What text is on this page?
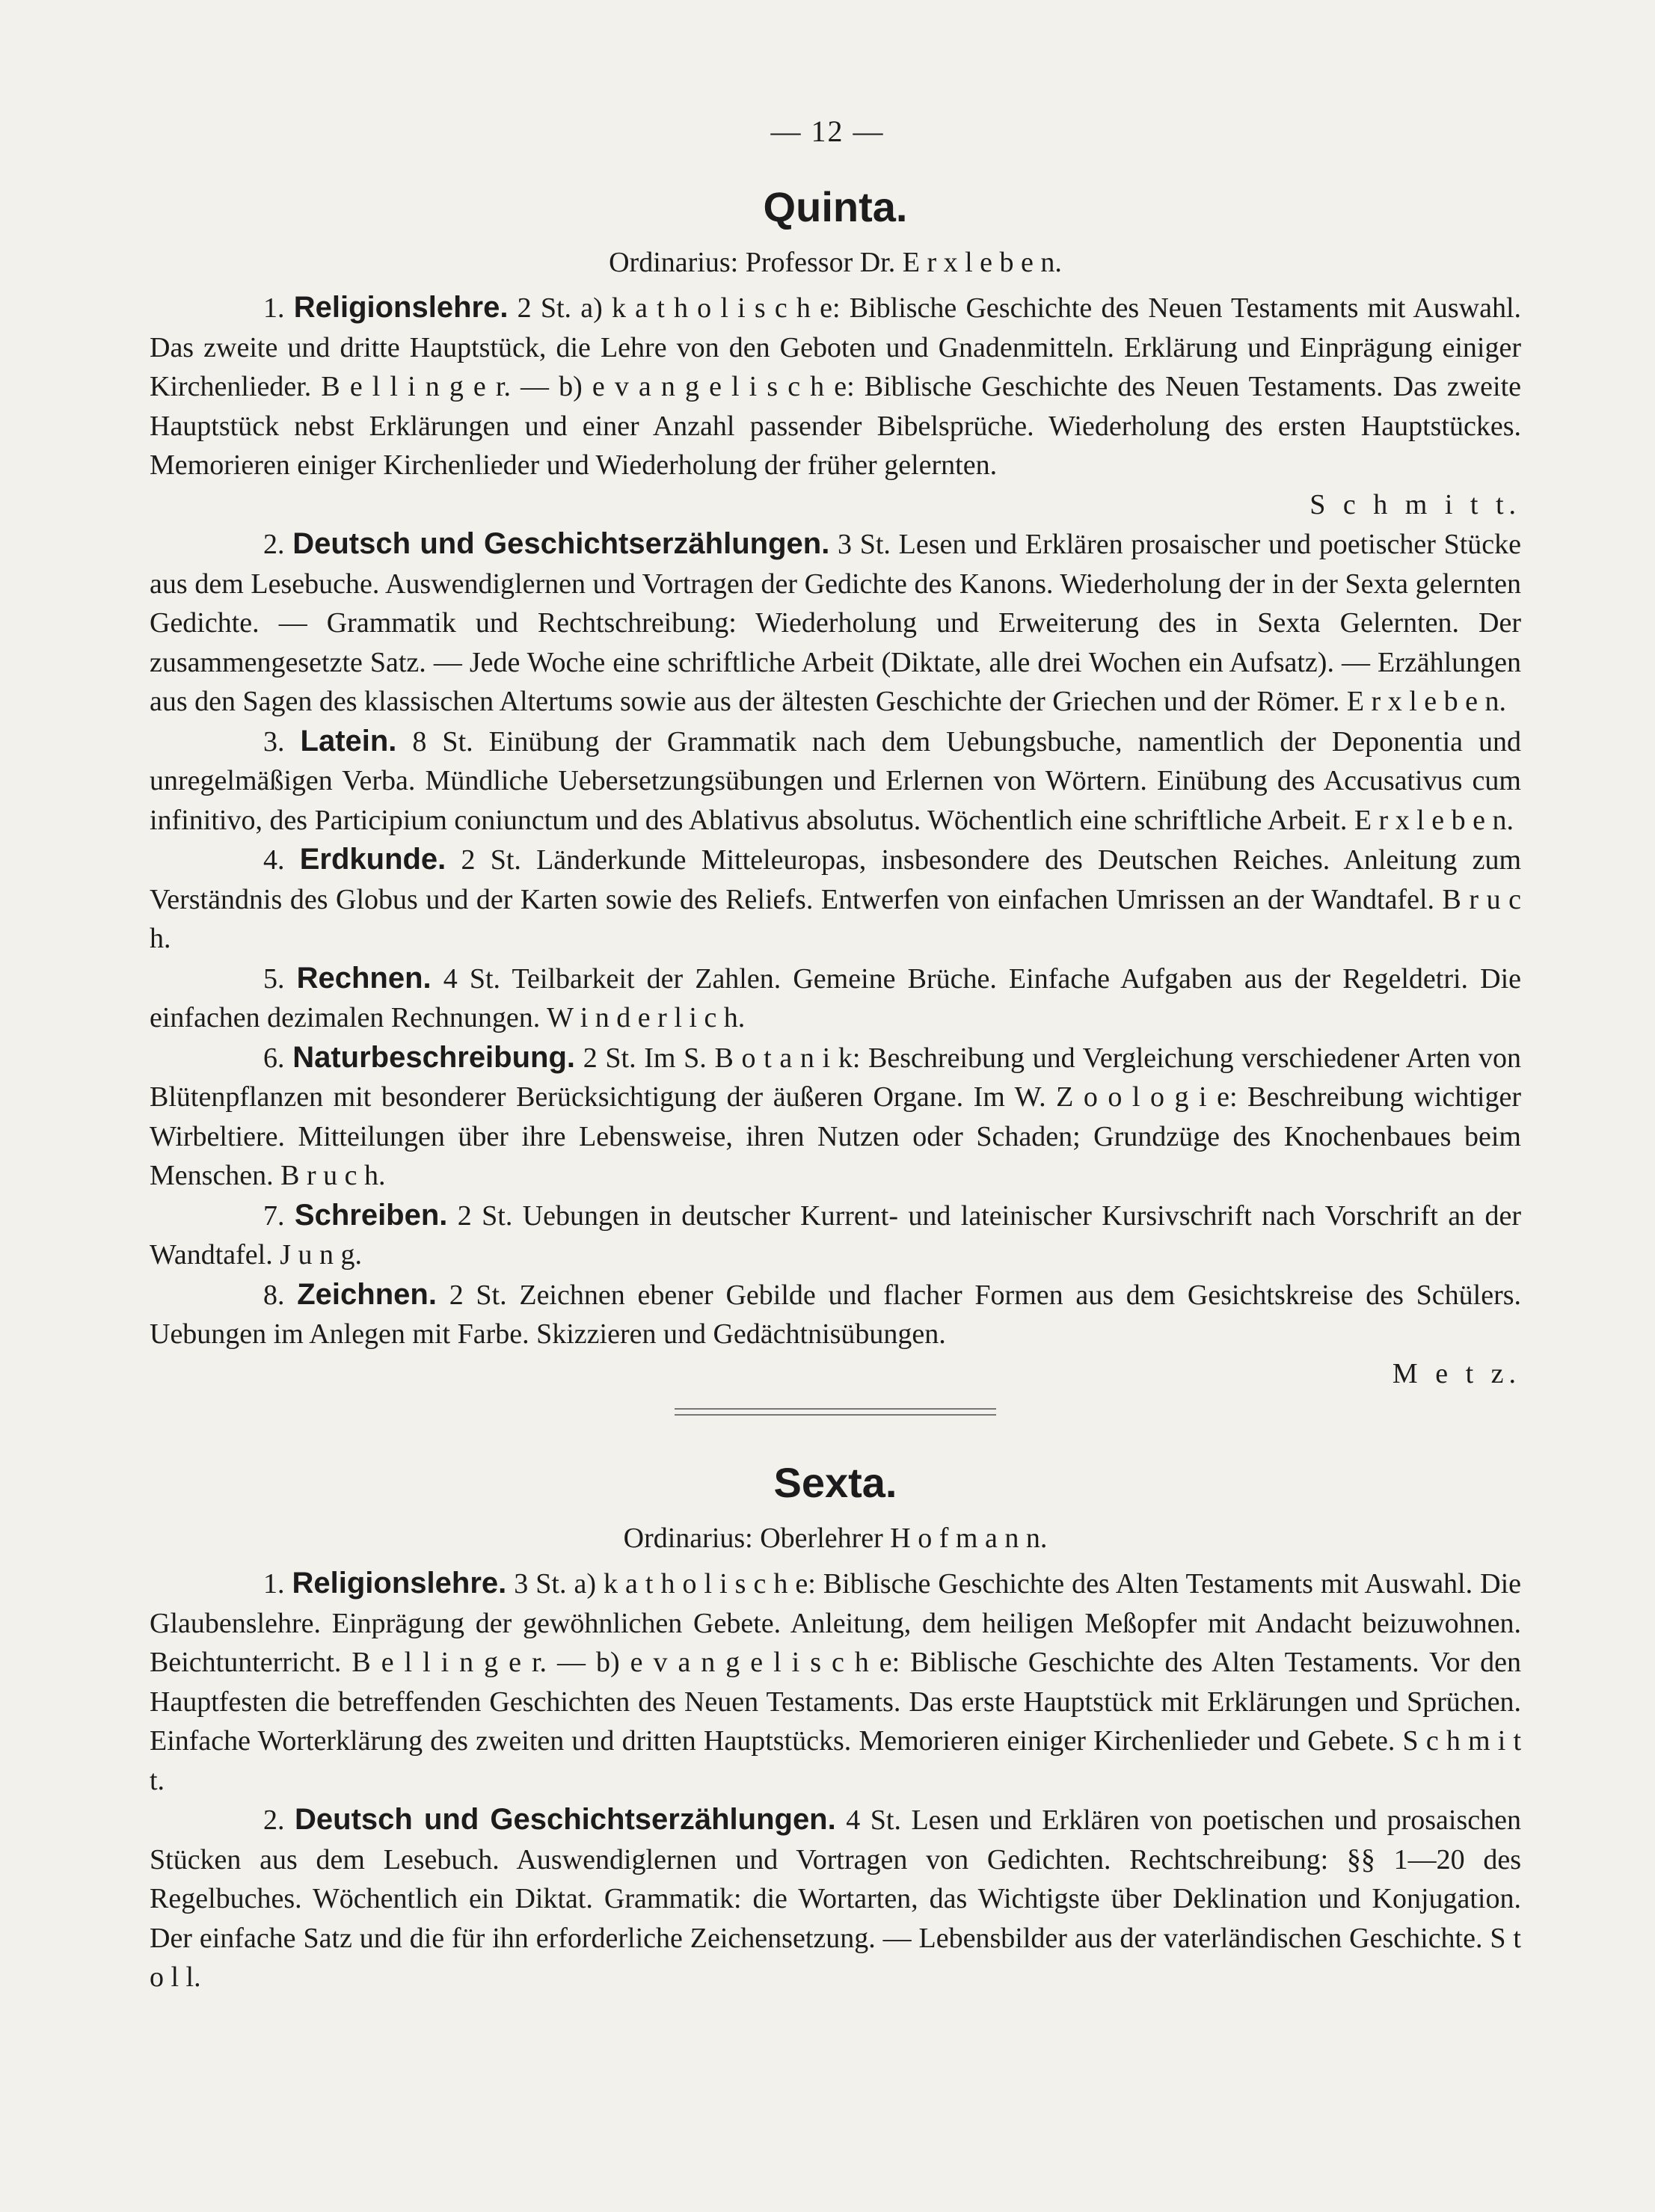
— 12 —
Quinta.
Ordinarius: Professor Dr. E r x l e b e n.

1. Religionslehre. 2 St. a) k a t h o l i s c h e: Biblische Geschichte des Neuen Testaments mit Auswahl. Das zweite und dritte Hauptstück, die Lehre von den Geboten und Gnadenmitteln. Erklärung und Einprägung einiger Kirchenlieder. B e l l i n g e r. — b) e v a n g e l i s c h e: Biblische Geschichte des Neuen Testaments. Das zweite Hauptstück nebst Erklärungen und einer Anzahl passender Bibelsprüche. Wiederholung des ersten Hauptstückes. Memorieren einiger Kirchenlieder und Wiederholung der früher gelernten.
S c h m i t t.

2. Deutsch und Geschichtserzählungen. 3 St. Lesen und Erklären prosaischer und poetischer Stücke aus dem Lesebuche. Auswendiglernen und Vortragen der Gedichte des Kanons. Wiederholung der in der Sexta gelernten Gedichte. — Grammatik und Rechtschreibung: Wiederholung und Erweiterung des in Sexta Gelernten. Der zusammengesetzte Satz. — Jede Woche eine schriftliche Arbeit (Diktate, alle drei Wochen ein Aufsatz). — Erzählungen aus den Sagen des klassischen Altertums sowie aus der ältesten Geschichte der Griechen und der Römer. E r x l e b e n.

3. Latein. 8 St. Einübung der Grammatik nach dem Uebungsbuche, namentlich der Deponentia und unregelmäßigen Verba. Mündliche Uebersetzungsübungen und Erlernen von Wörtern. Einübung des Accusativus cum infinitivo, des Participium coniunctum und des Ablativus absolutus. Wöchentlich eine schriftliche Arbeit. E r x l e b e n.

4. Erdkunde. 2 St. Länderkunde Mitteleuropas, insbesondere des Deutschen Reiches. Anleitung zum Verständnis des Globus und der Karten sowie des Reliefs. Entwerfen von einfachen Umrissen an der Wandtafel. B r u c h.

5. Rechnen. 4 St. Teilbarkeit der Zahlen. Gemeine Brüche. Einfache Aufgaben aus der Regeldetri. Die einfachen dezimalen Rechnungen. W i n d e r l i c h.

6. Naturbeschreibung. 2 St. Im S. B o t a n i k: Beschreibung und Vergleichung verschiedener Arten von Blütenpflanzen mit besonderer Berücksichtigung der äußeren Organe. Im W. Z o o l o g i e: Beschreibung wichtiger Wirbeltiere. Mitteilungen über ihre Lebensweise, ihren Nutzen oder Schaden; Grundzüge des Knochenbaues beim Menschen. B r u c h.

7. Schreiben. 2 St. Uebungen in deutscher Kurrent- und lateinischer Kursivschrift nach Vorschrift an der Wandtafel. J u n g.

8. Zeichnen. 2 St. Zeichnen ebener Gebilde und flacher Formen aus dem Gesichtskreise des Schülers. Uebungen im Anlegen mit Farbe. Skizzieren und Gedächtnisübungen.
M e t z.

Sexta.
Ordinarius: Oberlehrer H o f m a n n.

1. Religionslehre. 3 St. a) k a t h o l i s c h e: Biblische Geschichte des Alten Testaments mit Auswahl. Die Glaubenslehre. Einprägung der gewöhnlichen Gebete. Anleitung, dem heiligen Meßopfer mit Andacht beizuwohnen. Beichtunterricht. B e l l i n g e r. — b) e v a n g e l i s c h e: Biblische Geschichte des Alten Testaments. Vor den Hauptfesten die betreffenden Geschichten des Neuen Testaments. Das erste Hauptstück mit Erklärungen und Sprüchen. Einfache Worterklärung des zweiten und dritten Hauptstücks. Memorieren einiger Kirchenlieder und Gebete. S c h m i t t.

2. Deutsch und Geschichtserzählungen. 4 St. Lesen und Erklären von poetischen und prosaischen Stücken aus dem Lesebuch. Auswendiglernen und Vortragen von Gedichten. Rechtschreibung: §§ 1—20 des Regelbuches. Wöchentlich ein Diktat. Grammatik: die Wortarten, das Wichtigste über Deklination und Konjugation. Der einfache Satz und die für ihn erforderliche Zeichensetzung. — Lebensbilder aus der vaterländischen Geschichte. S t o l l.
